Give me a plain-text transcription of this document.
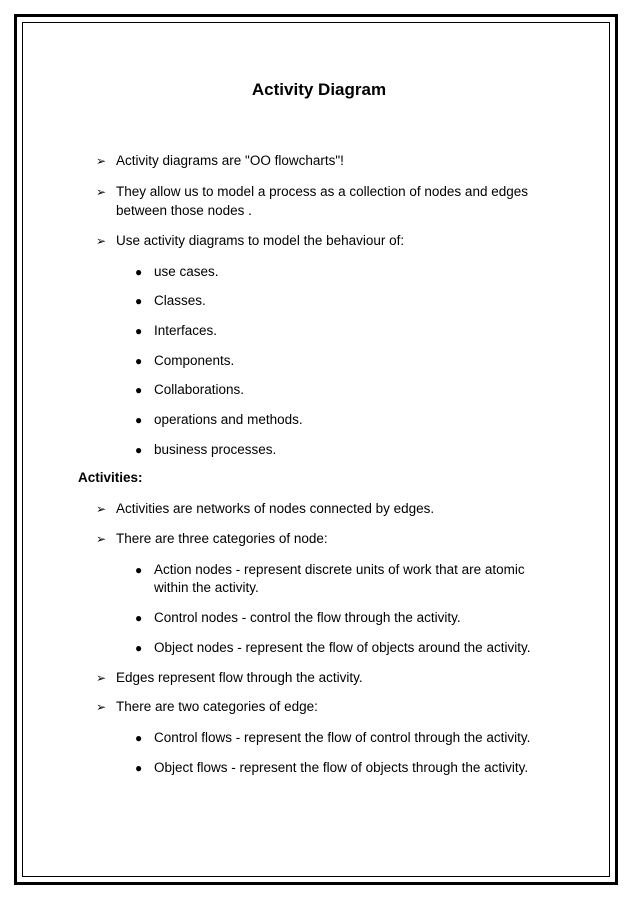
Activity Diagram
➢ Activity diagrams are "OO flowcharts"!
➢ They allow us to model a process as a collection of nodes and edges
between those nodes .
➢ Use activity diagrams to model the behaviour of:
● use cases.
● Classes.
● Interfaces.
● Components.
● Collaborations.
● operations and methods.
● business processes.
Activities:
➢ Activities are networks of nodes connected by edges.
➢ There are three categories of node:
● Action nodes - represent discrete units of work that are atomic
within the activity.
● Control nodes - control the flow through the activity.
● Object nodes - represent the flow of objects around the activity.
➢ Edges represent flow through the activity.
➢ There are two categories of edge:
● Control flows - represent the flow of control through the activity.
● Object flows - represent the flow of objects through the activity.
